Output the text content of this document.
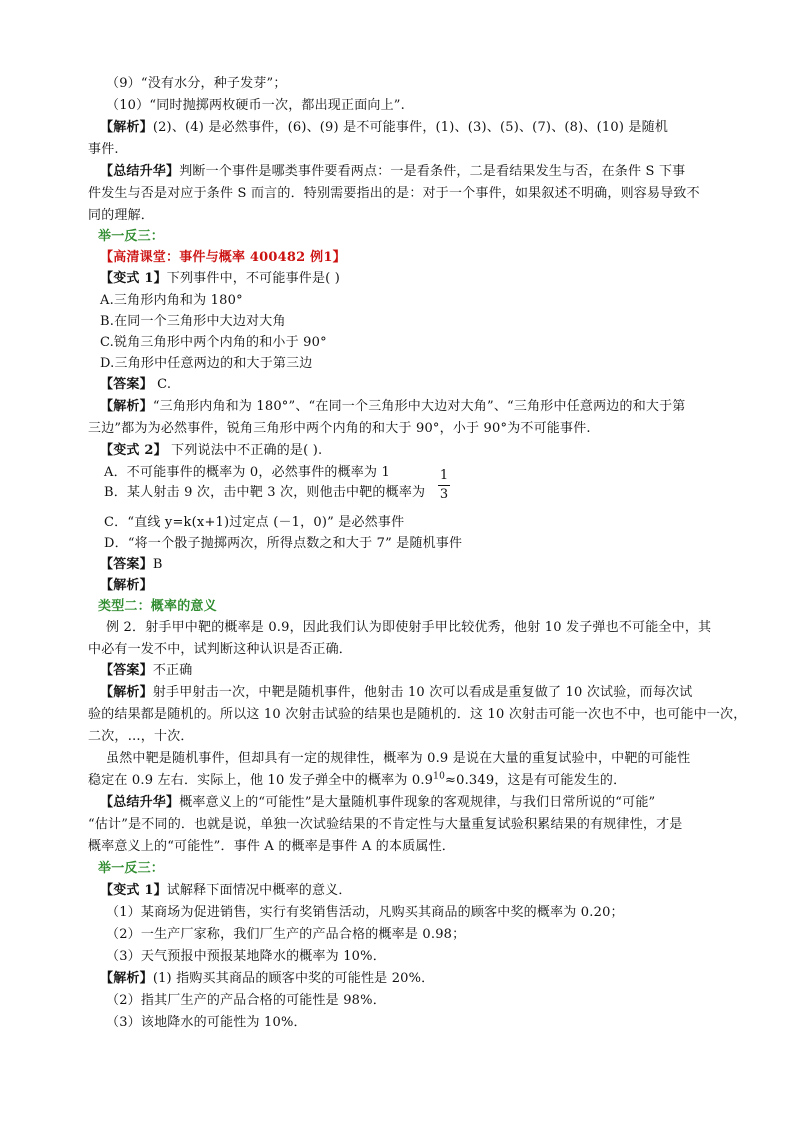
（9）“没有水分，种子发芽”；
（10）“同时抛掷两枚硬币一次，都出现正面向上”.
【解析】(2)、(4) 是必然事件，(6)、(9) 是不可能事件，(1)、(3)、(5)、(7)、(8)、(10) 是随机
事件.
【总结升华】判断一个事件是哪类事件要看两点：一是看条件，二是看结果发生与否，在条件 S 下事
件发生与否是对应于条件 S 而言的．特别需要指出的是：对于一个事件，如果叙述不明确，则容易导致不
同的理解．
举一反三：
【高清课堂：事件与概率 400482 例1】
【变式 1】下列事件中，不可能事件是( )
A.三角形内角和为 180°
B.在同一个三角形中大边对大角
C.锐角三角形中两个内角的和小于 90°
D.三角形中任意两边的和大于第三边
【答案】 C.
【解析】“三角形内角和为 180°”、“在同一个三角形中大边对大角”、“三角形中任意两边的和大于第
三边”都为为必然事件，锐角三角形中两个内角的和大于 90°，小于 90°为不可能事件.
【变式 2】 下列说法中不正确的是( ).
A．不可能事件的概率为 0，必然事件的概率为 1
B．某人射击 9 次，击中靶 3 次，则他击中靶的概率为
1
3
C．“直线 y=k(x+1)过定点 (－1，0)” 是必然事件
D．“将一个骰子抛掷两次，所得点数之和大于 7” 是随机事件
【答案】B
【解析】
类型二：概率的意义
例 2．射手甲中靶的概率是 0.9，因此我们认为即使射手甲比较优秀，他射 10 发子弹也不可能全中，其
中必有一发不中，试判断这种认识是否正确．
【答案】不正确
【解析】射手甲射击一次，中靶是随机事件，他射击 10 次可以看成是重复做了 10 次试验，而每次试
验的结果都是随机的。所以这 10 次射击试验的结果也是随机的．这 10 次射击可能一次也不中，也可能中一次，
二次，…，十次．
虽然中靶是随机事件，但却具有一定的规律性，概率为 0.9 是说在大量的重复试验中，中靶的可能性
稳定在 0.9 左右．实际上，他 10 发子弹全中的概率为 $0.9^{10}\approx 0.349$，这是有可能发生的．
【总结升华】概率意义上的“可能性”是大量随机事件现象的客观规律，与我们日常所说的“可能”
“估计”是不同的．也就是说，单独一次试验结果的不肯定性与大量重复试验积累结果的有规律性，才是
概率意义上的“可能性”．事件 A 的概率是事件 A 的本质属性．
举一反三：
【变式 1】试解释下面情况中概率的意义．
（1）某商场为促进销售，实行有奖销售活动，凡购买其商品的顾客中奖的概率为 0.20；
（2）一生产厂家称，我们厂生产的产品合格的概率是 0.98；
（3）天气预报中预报某地降水的概率为 10%．
【解析】(1) 指购买其商品的顾客中奖的可能性是 20%．
（2）指其厂生产的产品合格的可能性是 98%．
（3）该地降水的可能性为 10%．
